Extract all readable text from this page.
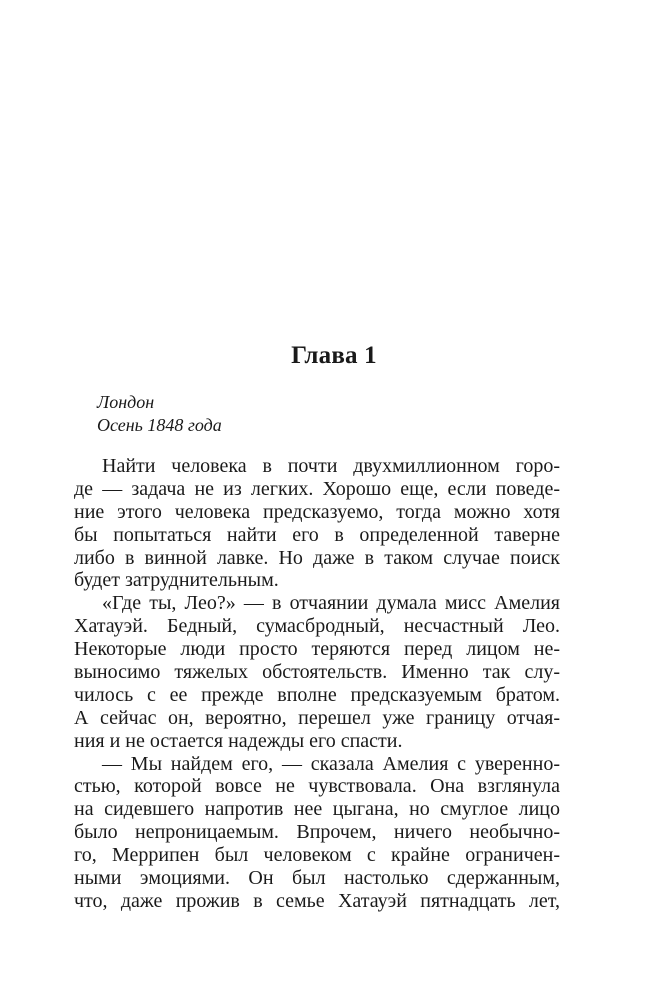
Глава 1
Лондон
Осень 1848 года
Найти человека в почти двухмиллионном горо-
де — задача не из легких. Хорошо еще, если поведе-
ние этого человека предсказуемо, тогда можно хотя
бы попытаться найти его в определенной таверне
либо в винной лавке. Но даже в таком случае поиск
будет затруднительным.
«Где ты, Лео?» — в отчаянии думала мисс Амелия
Хатауэй. Бедный, сумасбродный, несчастный Лео.
Некоторые люди просто теряются перед лицом не-
выносимо тяжелых обстоятельств. Именно так слу-
чилось с ее прежде вполне предсказуемым братом.
А сейчас он, вероятно, перешел уже границу отчая-
ния и не остается надежды его спасти.
— Мы найдем его, — сказала Амелия с уверенно-
стью, которой вовсе не чувствовала. Она взглянула
на сидевшего напротив нее цыгана, но смуглое лицо
было непроницаемым. Впрочем, ничего необычно-
го, Меррипен был человеком с крайне ограничен-
ными эмоциями. Он был настолько сдержанным,
что, даже прожив в семье Хатауэй пятнадцать лет,
